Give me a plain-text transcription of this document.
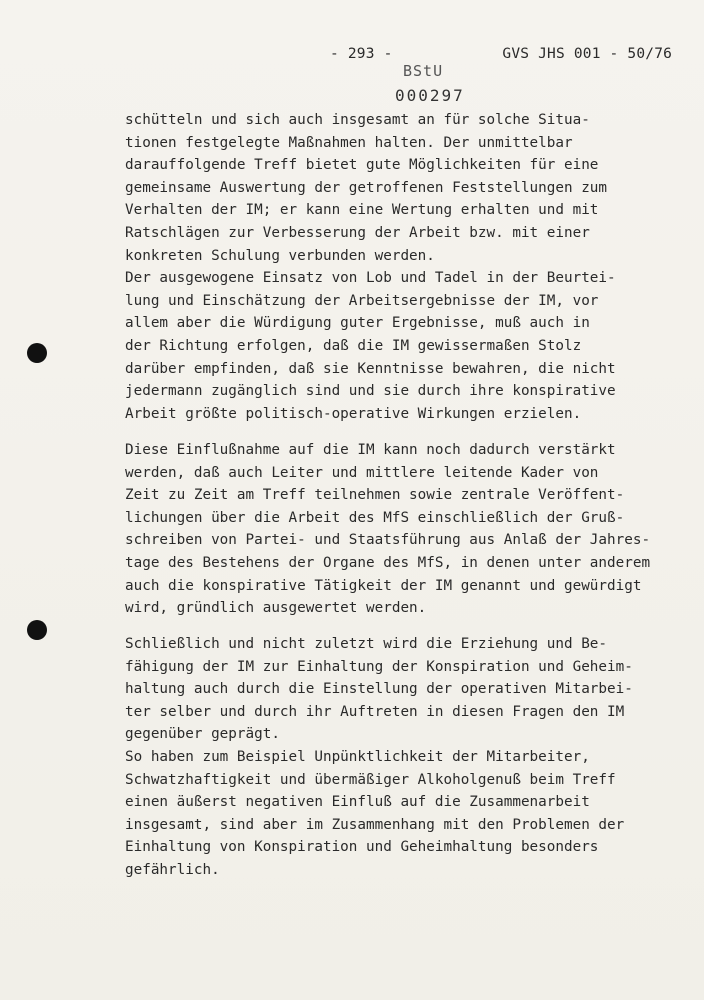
- 293 -	GVS JHS 001 - 50/76
BStU
000297
schütteln und sich auch insgesamt an für solche Situa-
tionen festgelegte Maßnahmen halten. Der unmittelbar
darauffolgende Treff bietet gute Möglichkeiten für eine
gemeinsame Auswertung der getroffenen Feststellungen zum
Verhalten der IM; er kann eine Wertung erhalten und mit
Ratschlägen zur Verbesserung der Arbeit bzw. mit einer
konkreten Schulung verbunden werden.
Der ausgewogene Einsatz von Lob und Tadel in der Beurtei-
lung und Einschätzung der Arbeitsergebnisse der IM, vor
allem aber die Würdigung guter Ergebnisse, muß auch in
der Richtung erfolgen, daß die IM gewissermaßen Stolz
darüber empfinden, daß sie Kenntnisse bewahren, die nicht
jedermann zugänglich sind und sie durch ihre konspirative
Arbeit größte politisch-operative Wirkungen erzielen.
Diese Einflußnahme auf die IM kann noch dadurch verstärkt
werden, daß auch Leiter und mittlere leitende Kader von
Zeit zu Zeit am Treff teilnehmen sowie zentrale Veröffent-
lichungen über die Arbeit des MfS einschließlich der Gruß-
schreiben von Partei- und Staatsführung aus Anlaß der Jahres-
tage des Bestehens der Organe des MfS, in denen unter anderem
auch die konspirative Tätigkeit der IM genannt und gewürdigt
wird, gründlich ausgewertet werden.
Schließlich und nicht zuletzt wird die Erziehung und Be-
fähigung der IM zur Einhaltung der Konspiration und Geheim-
haltung auch durch die Einstellung der operativen Mitarbei-
ter selber und durch ihr Auftreten in diesen Fragen den IM
gegenüber geprägt.
So haben zum Beispiel Unpünktlichkeit der Mitarbeiter,
Schwatzhaftigkeit und übermäßiger Alkoholgenuß beim Treff
einen äußerst negativen Einfluß auf die Zusammenarbeit
insgesamt, sind aber im Zusammenhang mit den Problemen der
Einhaltung von Konspiration und Geheimhaltung besonders
gefährlich.
